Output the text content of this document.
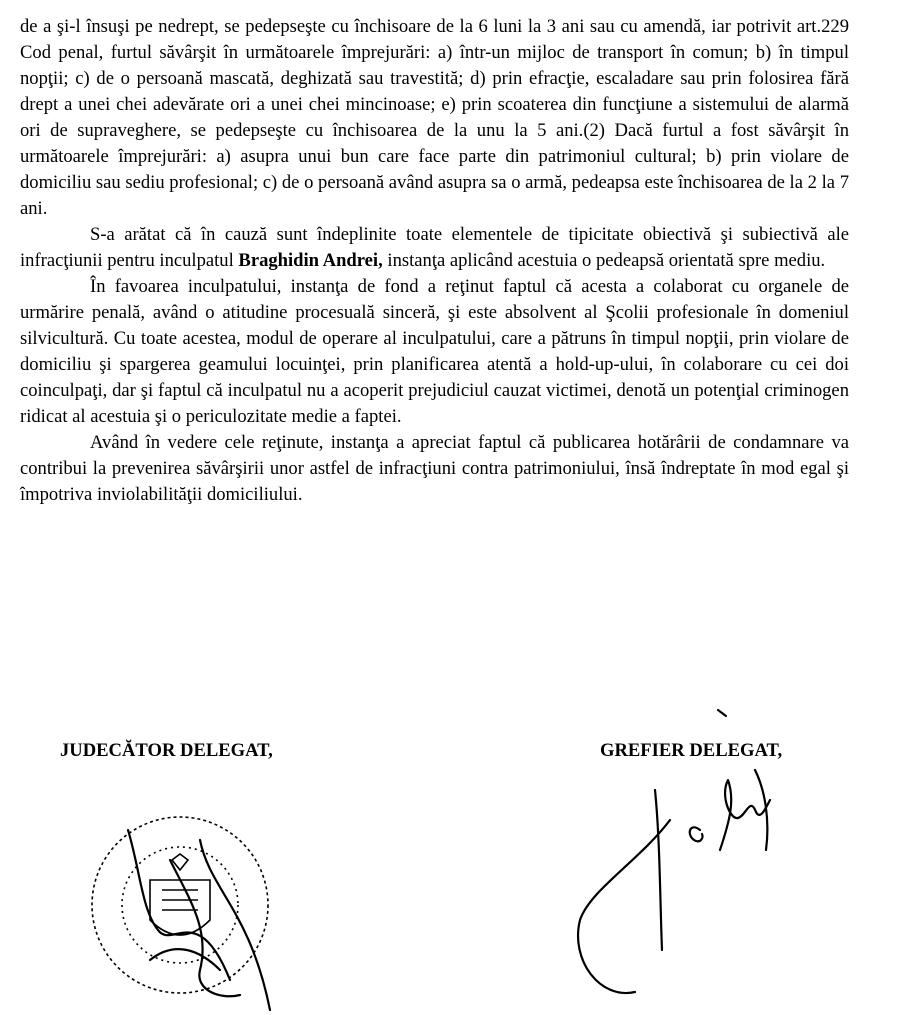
de a şi-l însuşi pe nedrept, se pedepseşte cu închisoare de la 6 luni la 3 ani sau cu amendă, iar potrivit art.229 Cod penal, furtul săvârşit în următoarele împrejurări: a) într-un mijloc de transport în comun; b) în timpul nopţii; c) de o persoană mascată, deghizată sau travestită; d) prin efracţie, escaladare sau prin folosirea fără drept a unei chei adevărate ori a unei chei mincinoase; e) prin scoaterea din funcţiune a sistemului de alarmă ori de supraveghere, se pedepseşte cu închisoarea de la unu la 5 ani.(2) Dacă furtul a fost săvârşit în următoarele împrejurări: a) asupra unui bun care face parte din patrimoniul cultural; b) prin violare de domiciliu sau sediu profesional; c) de o persoană având asupra sa o armă, pedeapsa este închisoarea de la 2 la 7 ani.

S-a arătat că în cauză sunt îndeplinite toate elementele de tipicitate obiectivă şi subiectivă ale infracţiunii pentru inculpatul Braghidin Andrei, instanţa aplicând acestuia o pedeapsă orientată spre mediu.

În favoarea inculpatului, instanţa de fond a reţinut faptul că acesta a colaborat cu organele de urmărire penală, având o atitudine procesuală sinceră, şi este absolvent al Şcolii profesionale în domeniul silvicultură. Cu toate acestea, modul de operare al inculpatului, care a pătruns în timpul nopţii, prin violare de domiciliu şi spargerea geamului locuinţei, prin planificarea atentă a hold-up-ului, în colaborare cu cei doi coinculpaţi, dar şi faptul că inculpatul nu a acoperit prejudiciul cauzat victimei, denotă un potenţial criminogen ridicat al acestuia şi o periculozitate medie a faptei.

Având în vedere cele reţinute, instanţa a apreciat faptul că publicarea hotărârii de condamnare va contribui la prevenirea săvârşirii unor astfel de infracţiuni contra patrimoniului, însă îndreptate în mod egal şi împotriva inviolabilităţii domiciliului.

JUDECĂTOR DELEGAT,	GREFIER DELEGAT,
